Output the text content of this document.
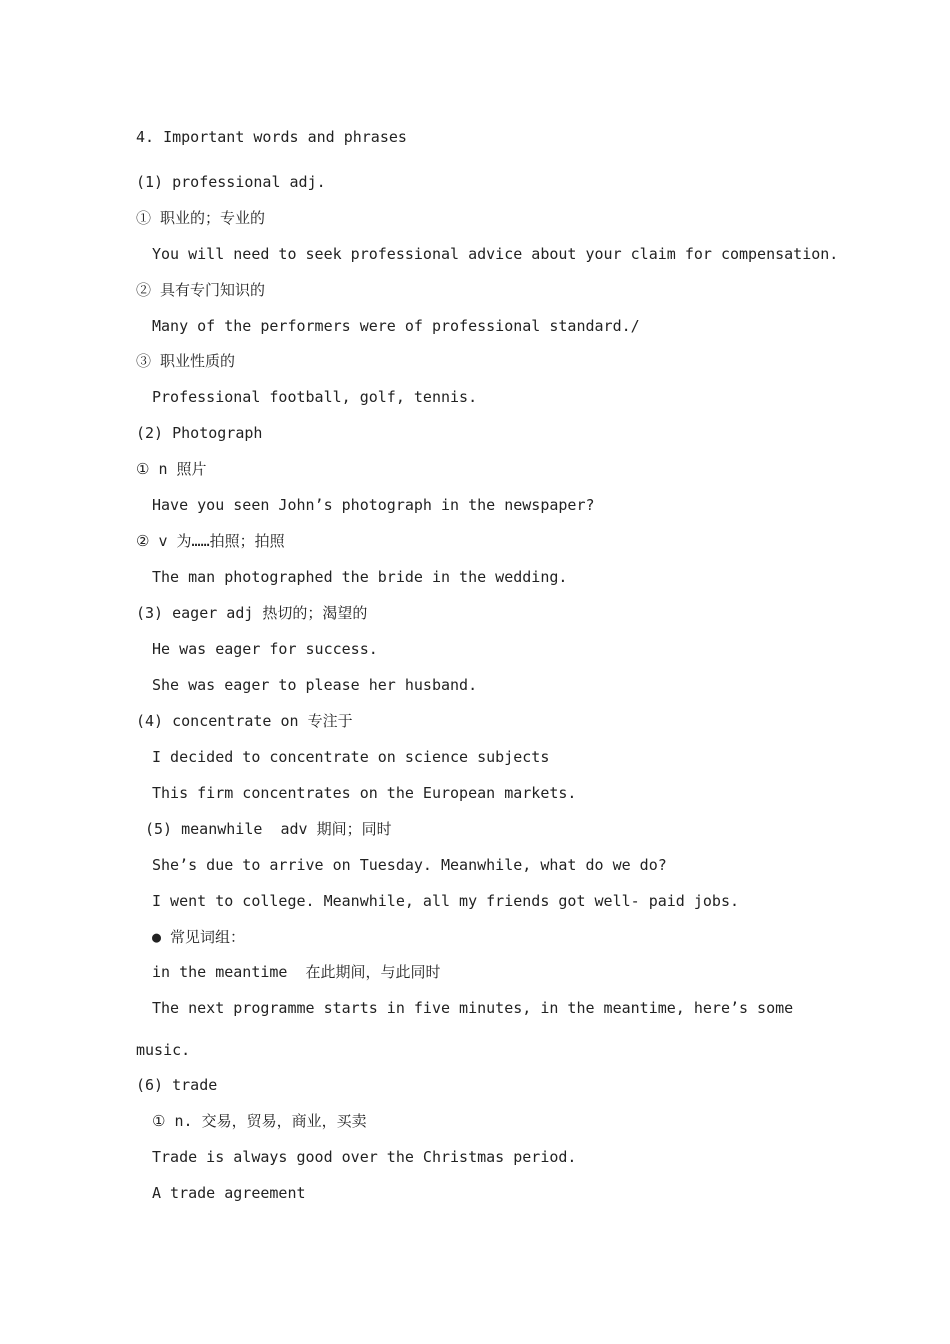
4. Important words and phrases
(1) professional adj.
① 职业的；专业的
You will need to seek professional advice about your claim for compensation.
② 具有专门知识的
Many of the performers were of professional standard./
③ 职业性质的
Professional football, golf, tennis.
(2) Photograph
① n 照片
Have you seen John’s photograph in the newspaper?
② v 为……拍照；拍照
The man photographed the bride in the wedding.
(3) eager adj 热切的；渴望的
He was eager for success.
She was eager to please her husband.
(4) concentrate on 专注于
I decided to concentrate on science subjects
This firm concentrates on the European markets.
(5) meanwhile  adv 期间；同时
She’s due to arrive on Tuesday. Meanwhile, what do we do?
I went to college. Meanwhile, all my friends got well- paid jobs.
● 常见词组：
in the meantime  在此期间，与此同时
The next programme starts in five minutes, in the meantime, here’s some
music.
(6) trade
① n. 交易，贸易，商业，买卖
Trade is always good over the Christmas period.
A trade agreement
